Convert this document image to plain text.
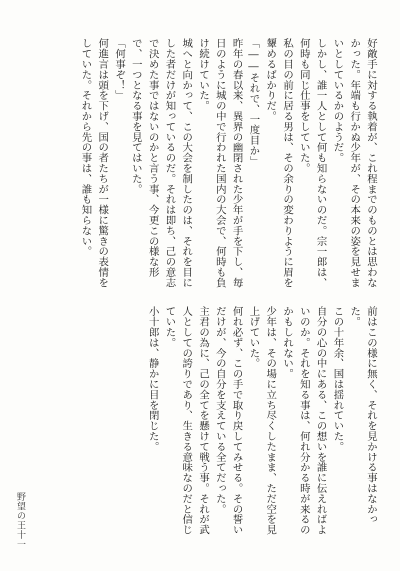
好敵手に対する執着が、これ程までのものとは思わなかった。年端も行かぬ少年が、その本来の姿を見せまいとしているかのようだ。
しかし、誰一人として何も知らないのだ。宗一郎は、何時も同じ仕事をしていた。
私の目の前に居る男は、その余りの変わりように眉を顰めるばかりだ。
「――それで、一度目か」
昨年の春以来、異界の幽閉された少年が手を下し、毎日のように城の中で行われた国内の大会で、何時も負け続けていた。
城へと向かって、この大会を制したのは、それを目にした者だけが知っているのだ。それは即ち、己の意志で決めた事ではないのかと言う事、今更この様な形で、一つとなる事を見てはいた。
「何事ぞ！」
何進言は頭を下げ、国の者たちが一様に驚きの表情をしていた。それから先の事は、誰も知らない。
前はこの様に無く、それを見かける事はなかった。
この十年余、国は揺れていた。
自分の心の中にある、この想いを誰に伝えればよいのか。それを知る事は、何れ分かる時が来るのかもしれない。
少年は、その場に立ち尽くしたまま、ただ空を見上げていた。
何れ必ず、この手で取り戻してみせる。その誓いだけが、今の自分を支えている全てだった。
主君の為に、己の全てを懸けて戦う事。それが武人としての誇りであり、生きる意味なのだと信じていた。
小十郎は、静かに目を閉じた。
野望の王十一
